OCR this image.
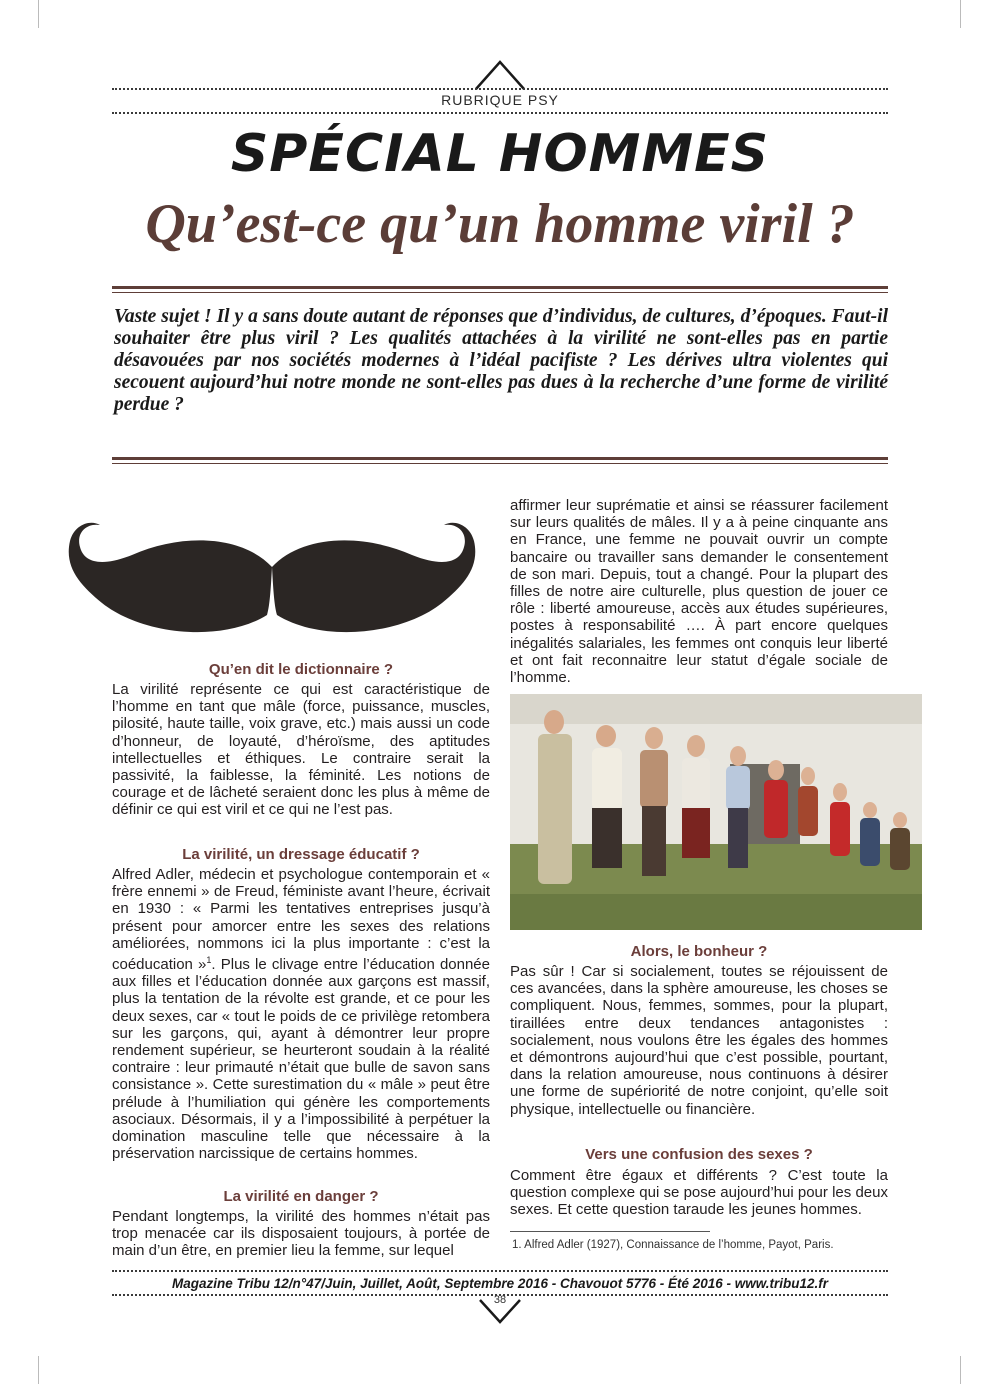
RUBRIQUE PSY
SPÉCIAL HOMMES
Qu’est-ce qu’un homme viril ?
Vaste sujet ! Il y a sans doute autant de réponses que d’individus, de cultures, d’époques. Faut-il souhaiter être plus viril ? Les qualités attachées à la virilité ne sont-elles pas en partie désavouées par nos sociétés modernes à l’idéal pacifiste ? Les dérives ultra violentes qui secouent aujourd’hui notre monde ne sont-elles pas dues à la recherche d’une forme de virilité perdue ?
Qu’en dit le dictionnaire ?

La virilité représente ce qui est caractéristique de l’homme en tant que mâle (force, puissance, muscles, pilosité, haute taille, voix grave, etc.) mais aussi un code d’honneur, de loyauté, d’héroïsme, des aptitudes intellectuelles et éthiques. Le contraire serait la passivité, la faiblesse, la féminité. Les notions de courage et de lâcheté seraient donc les plus à même de définir ce qui est viril et ce qui ne l’est pas.

La virilité, un dressage éducatif ?

Alfred Adler, médecin et psychologue contemporain et « frère ennemi » de Freud, féministe avant l’heure, écrivait en 1930 : « Parmi les tentatives entreprises jusqu’à présent pour amorcer entre les sexes des relations améliorées, nommons ici la plus importante : c’est la coéducation »$^1$. Plus le clivage entre l’éducation donnée aux filles et l’éducation donnée aux garçons est massif, plus la tentation de la révolte est grande, et ce pour les deux sexes, car « tout le poids de ce privilège retombera sur les garçons, qui, ayant à démontrer leur propre rendement supérieur, se heurteront soudain à la réalité contraire : leur primauté n’était que bulle de savon sans consistance ». Cette surestimation du « mâle » peut être prélude à l’humiliation qui génère les comportements asociaux. Désormais, il y a l’impossibilité à perpétuer la domination masculine telle que nécessaire à la préservation narcissique de certains hommes.

La virilité en danger ?

Pendant longtemps, la virilité des hommes n’était pas trop menacée car ils disposaient toujours, à portée de main d’un être, en premier lieu la femme, sur lequel

affirmer leur suprématie et ainsi se réassurer facilement sur leurs qualités de mâles. Il y a à peine cinquante ans en France, une femme ne pouvait ouvrir un compte bancaire ou travailler sans demander le consentement de son mari. Depuis, tout a changé. Pour la plupart des filles de notre aire culturelle, plus question de jouer ce rôle : liberté amoureuse, accès aux études supérieures, postes à responsabilité …. À part encore quelques inégalités salariales, les femmes ont conquis leur liberté et ont fait reconnaitre leur statut d’égale sociale de l’homme.

Alors, le bonheur ?

Pas sûr ! Car si socialement, toutes se réjouissent de ces avancées, dans la sphère amoureuse, les choses se compliquent. Nous, femmes, sommes, pour la plupart, tiraillées entre deux tendances antagonistes : socialement, nous voulons être les égales des hommes et démontrons aujourd’hui que c’est possible, pourtant, dans la relation amoureuse, nous continuons à désirer une forme de supériorité de notre conjoint, qu’elle soit physique, intellectuelle ou financière.

Vers une confusion des sexes ?

Comment être égaux et différents ? C’est toute la question complexe qui se pose aujourd’hui pour les deux sexes. Et cette question taraude les jeunes hommes.

1. Alfred Adler (1927), Connaissance de l’homme, Payot, Paris.
Magazine Tribu 12/n°47/Juin, Juillet, Août, Septembre 2016 - Chavouot 5776 - Été 2016 - www.tribu12.fr
38
